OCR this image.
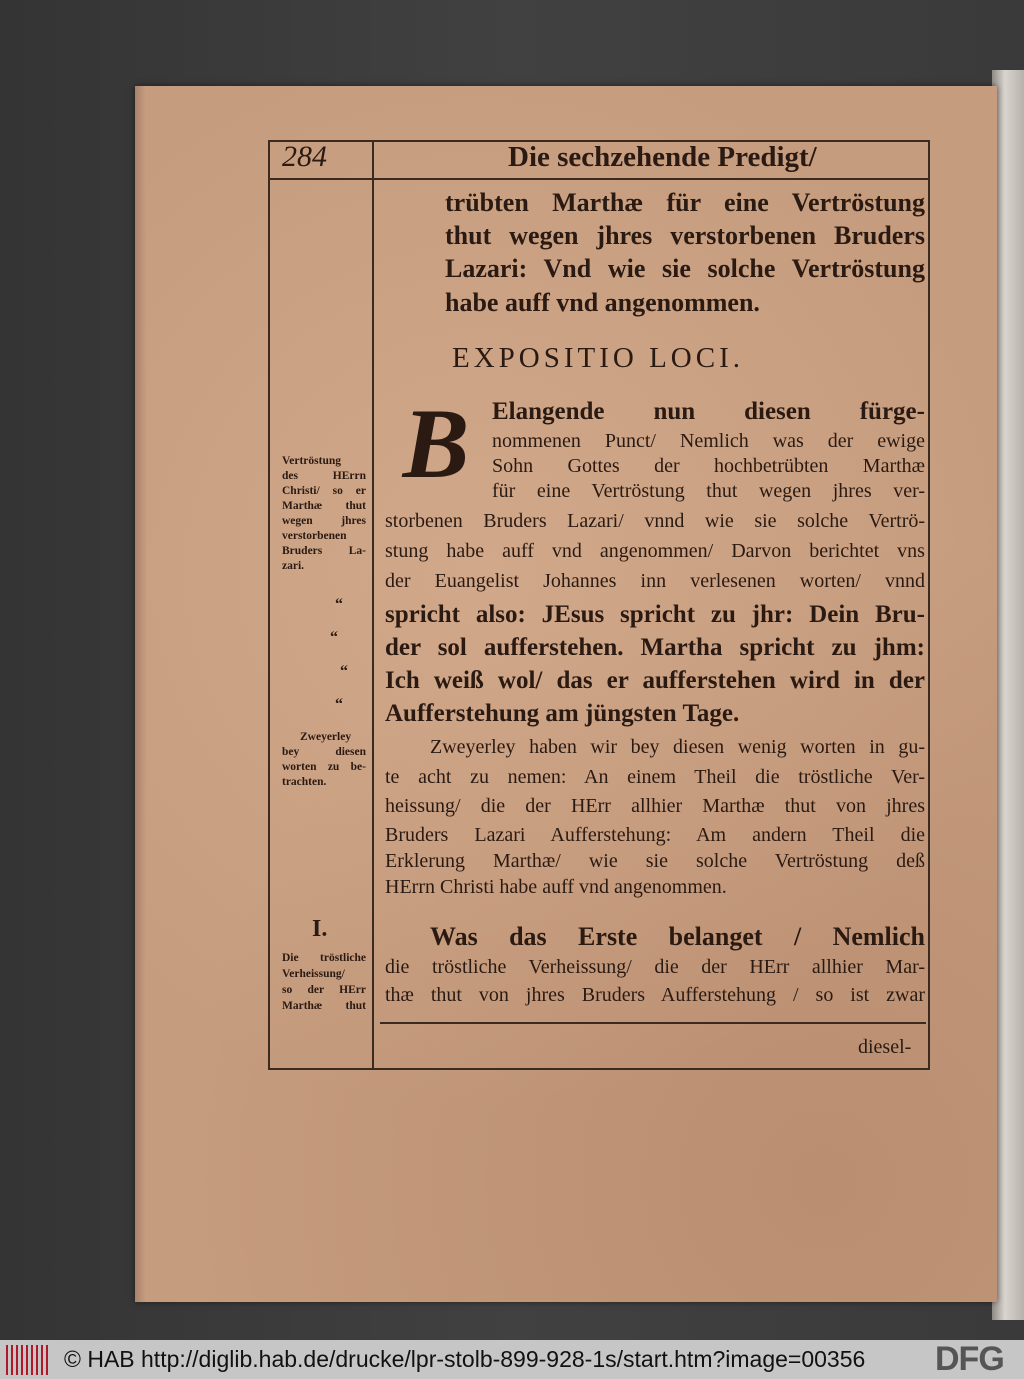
284	Die sechzehende Predigt/
EXPOSITIO LOCI.
B
diesel-
trübten Marthæ für eine Vertröstung
thut wegen jhres verstorbenen Bruders
Lazari: Vnd wie sie solche Vertröstung
habe auff vnd angenommen.
Elangende nun diesen fürge-
nommenen Punct/ Nemlich was der ewige
Sohn Gottes der hochbetrübten Marthæ
für eine Vertröstung thut wegen jhres ver-
storbenen Bruders Lazari/ vnnd wie sie solche Vertrö-
stung habe auff vnd angenommen/ Darvon berichtet vns
der Euangelist Johannes inn verlesenen worten/ vnnd
spricht also: JEsus spricht zu jhr: Dein Bru-
der sol aufferstehen. Martha spricht zu jhm:
Ich weiß wol/ das er aufferstehen wird in der
Aufferstehung am jüngsten Tage.
Zweyerley haben wir bey diesen wenig worten in gu-
te acht zu nemen: An einem Theil die tröstliche Ver-
heissung/ die der HErr allhier Marthæ thut von jhres
Bruders Lazari Aufferstehung: Am andern Theil die
Erklerung Marthæ/ wie sie solche Vertröstung deß
HErrn Christi habe auff vnd angenommen.
Was das Erste belanget / Nemlich
die tröstliche Verheissung/ die der HErr allhier Mar-
thæ thut von jhres Bruders Aufferstehung / so ist zwar
Vertröstung
des HErrn
Christi/ so er
Marthæ thut
wegen jhres
verstorbenen
Bruders La-
zari.
“
“
“
“
Zweyerley
bey diesen
worten zu be-
trachten.
I.
Die tröstliche
Verheissung/
so der HErr
Marthæ thut
© HAB http://diglib.hab.de/drucke/lpr-stolb-899-928-1s/start.htm?image=00356 DFG
